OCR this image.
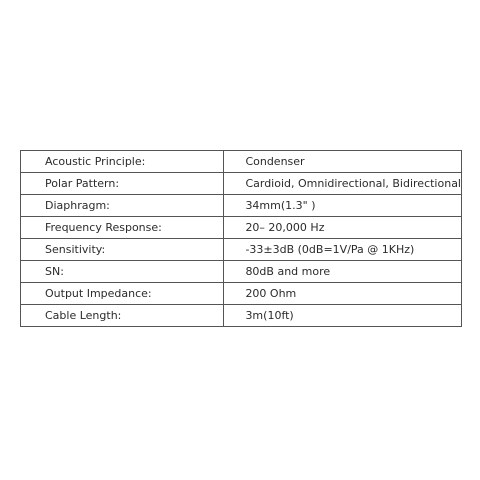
Acoustic Principle:	Condenser
Polar Pattern:	Cardioid, Omnidirectional, Bidirectional
Diaphragm:	34mm(1.3" )
Frequency Response:	20– 20,000 Hz
Sensitivity:	-33±3dB (0dB=1V/Pa @ 1KHz)
SN:	80dB and more
Output Impedance:	200 Ohm
Cable Length:	3m(10ft)
